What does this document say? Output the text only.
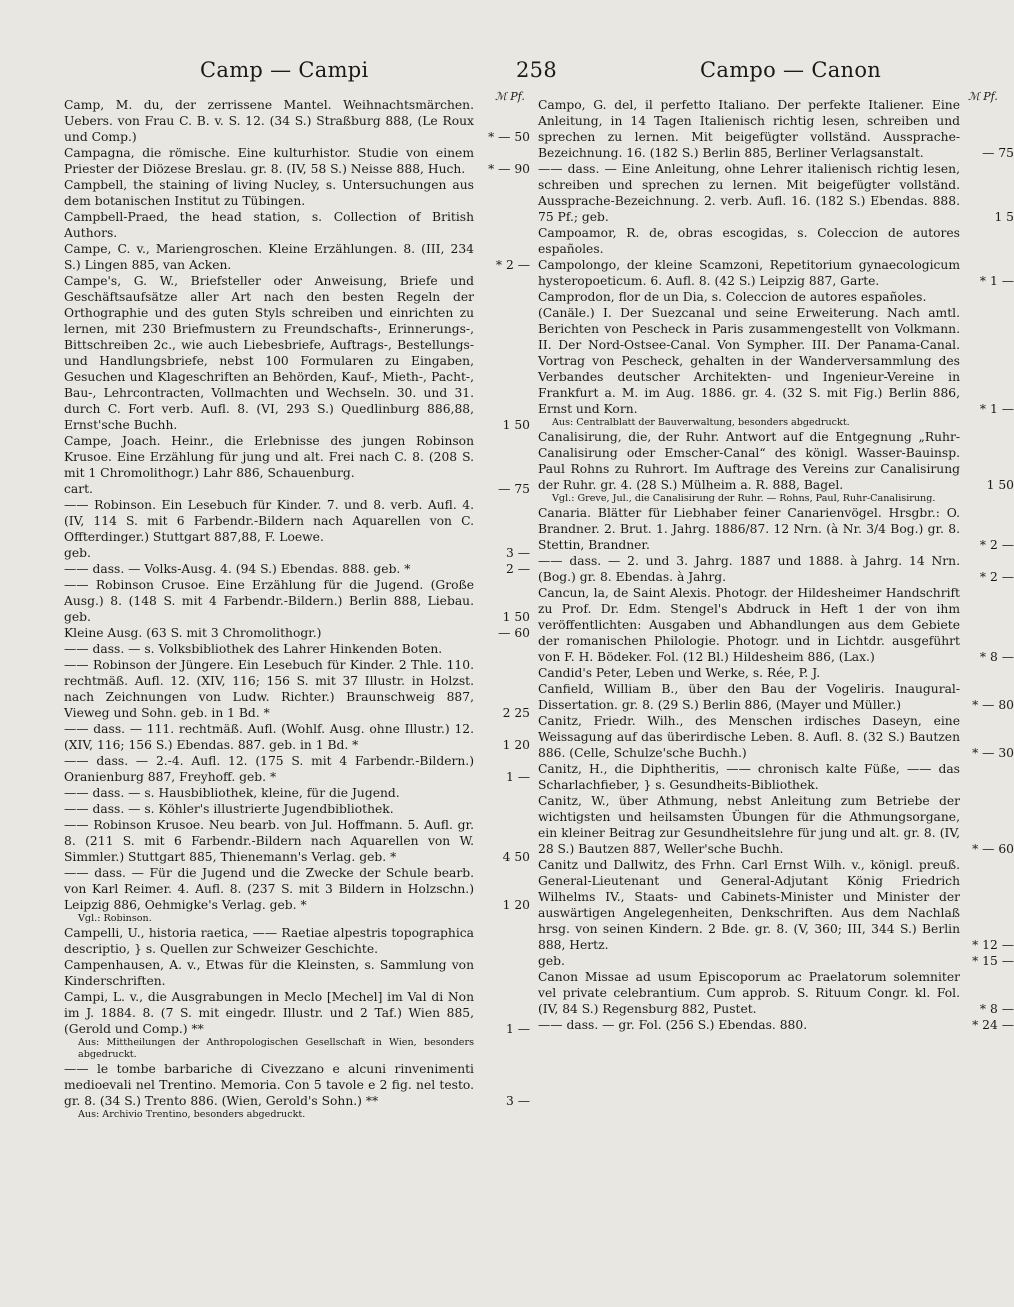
Camp — Campi	258	Campo — Canon
ℳ Pf.	ℳ Pf.
Camp, M. du, der zerrissene Mantel. Weihnachtsmärchen. Uebers. von Frau C. B. v. S. 12. (34 S.) Straßburg 888, (Le Roux und Comp.)	* — 50
Campagna, die römische. Eine kulturhistor. Studie von einem Priester der Diözese Breslau. gr. 8. (IV, 58 S.) Neisse 888, Huch.	* — 90
Campbell, the staining of living Nucley, s. Untersuchungen aus dem botanischen Institut zu Tübingen.
Campbell-Praed, the head station, s. Collection of British Authors.
Campe, C. v., Mariengroschen. Kleine Erzählungen. 8. (III, 234 S.) Lingen 885, van Acken.	* 2 —
Campe's, G. W., Briefsteller oder Anweisung, Briefe und Geschäftsaufsätze aller Art nach den besten Regeln der Orthographie und des guten Styls schreiben und einrichten zu lernen, mit 230 Briefmustern zu Freundschafts-, Erinnerungs-, Bittschreiben 2c., wie auch Liebesbriefe, Auftrags-, Bestellungs- und Handlungsbriefe, nebst 100 Formularen zu Eingaben, Gesuchen und Klageschriften an Behörden, Kauf-, Mieth-, Pacht-, Bau-, Lehrcontracten, Vollmachten und Wechseln. 30. und 31. durch C. Fort verb. Aufl. 8. (VI, 293 S.) Quedlinburg 886,88, Ernst'sche Buchh.	1 50
Campe, Joach. Heinr., die Erlebnisse des jungen Robinson Krusoe. Eine Erzählung für jung und alt. Frei nach C. 8. (208 S. mit 1 Chromolithogr.) Lahr 886, Schauenburg.
cart.	— 75
—— Robinson. Ein Lesebuch für Kinder. 7. und 8. verb. Aufl. 4. (IV, 114 S. mit 6 Farbendr.-Bildern nach Aquarellen von C. Offterdinger.) Stuttgart 887,88, F. Loewe.
geb.	3 —
—— dass. — Volks-Ausg. 4. (94 S.) Ebendas. 888. geb. *	2 —
—— Robinson Crusoe. Eine Erzählung für die Jugend. (Große Ausg.) 8. (148 S. mit 4 Farbendr.-Bildern.) Berlin 888, Liebau. geb.	1 50
Kleine Ausg. (63 S. mit 3 Chromolithogr.)	— 60
—— dass. — s. Volksbibliothek des Lahrer Hinkenden Boten.
—— Robinson der Jüngere. Ein Lesebuch für Kinder. 2 Thle. 110. rechtmäß. Aufl. 12. (XIV, 116; 156 S. mit 37 Illustr. in Holzst. nach Zeichnungen von Ludw. Richter.) Braunschweig 887, Vieweg und Sohn. geb. in 1 Bd. *	2 25
—— dass. — 111. rechtmäß. Aufl. (Wohlf. Ausg. ohne Illustr.) 12. (XIV, 116; 156 S.) Ebendas. 887. geb. in 1 Bd. *	1 20
—— dass. — 2.-4. Aufl. 12. (175 S. mit 4 Farbendr.-Bildern.) Oranienburg 887, Freyhoff. geb. *	1 —
—— dass. — s. Hausbibliothek, kleine, für die Jugend.
—— dass. — s. Köhler's illustrierte Jugendbibliothek.
—— Robinson Krusoe. Neu bearb. von Jul. Hoffmann. 5. Aufl. gr. 8. (211 S. mit 6 Farbendr.-Bildern nach Aquarellen von W. Simmler.) Stuttgart 885, Thienemann's Verlag. geb. *	4 50
—— dass. — Für die Jugend und die Zwecke der Schule bearb. von Karl Reimer. 4. Aufl. 8. (237 S. mit 3 Bildern in Holzschn.) Leipzig 886, Oehmigke's Verlag. geb. *	1 20
Vgl.: Robinson.
Campelli, U., historia raetica, —— Raetiae alpestris topographica descriptio, } s. Quellen zur Schweizer Geschichte.
Campenhausen, A. v., Etwas für die Kleinsten, s. Sammlung von Kinderschriften.
Campi, L. v., die Ausgrabungen in Meclo [Mechel] im Val di Non im J. 1884. 8. (7 S. mit eingedr. Illustr. und 2 Taf.) Wien 885, (Gerold und Comp.) **	1 —
Aus: Mittheilungen der Anthropologischen Gesellschaft in Wien, besonders abgedruckt.
—— le tombe barbariche di Civezzano e alcuni rinvenimenti medioevali nel Trentino. Memoria. Con 5 tavole e 2 fig. nel testo. gr. 8. (34 S.) Trento 886. (Wien, Gerold's Sohn.) **	3 —
Aus: Archivio Trentino, besonders abgedruckt.
Campo, G. del, il perfetto Italiano. Der perfekte Italiener. Eine Anleitung, in 14 Tagen Italienisch richtig lesen, schreiben und sprechen zu lernen. Mit beigefügter vollständ. Aussprache-Bezeichnung. 16. (182 S.) Berlin 885, Berliner Verlagsanstalt.	— 75
—— dass. — Eine Anleitung, ohne Lehrer italienisch richtig lesen, schreiben und sprechen zu lernen. Mit beigefügter vollständ. Aussprache-Bezeichnung. 2. verb. Aufl. 16. (182 S.) Ebendas. 888. 75 Pf.; geb.	1 5
Campoamor, R. de, obras escogidas, s. Coleccion de autores españoles.
Campolongo, der kleine Scamzoni, Repetitorium gynaecologicum hysteropoeticum. 6. Aufl. 8. (42 S.) Leipzig 887, Garte.	* 1 —
Camprodon, flor de un Dia, s. Coleccion de autores españoles.
(Canäle.) I. Der Suezcanal und seine Erweiterung. Nach amtl. Berichten von Pescheck in Paris zusammengestellt von Volkmann. II. Der Nord-Ostsee-Canal. Von Sympher. III. Der Panama-Canal. Vortrag von Pescheck, gehalten in der Wanderversammlung des Verbandes deutscher Architekten- und Ingenieur-Vereine in Frankfurt a. M. im Aug. 1886. gr. 4. (32 S. mit Fig.) Berlin 886, Ernst und Korn.	* 1 —
Aus: Centralblatt der Bauverwaltung, besonders abgedruckt.
Canalisirung, die, der Ruhr. Antwort auf die Entgegnung „Ruhr-Canalisirung oder Emscher-Canal“ des königl. Wasser-Bauinsp. Paul Rohns zu Ruhrort. Im Auftrage des Vereins zur Canalisirung der Ruhr. gr. 4. (28 S.) Mülheim a. R. 888, Bagel.	1 50
Vgl.: Greve, Jul., die Canalisirung der Ruhr. — Rohns, Paul, Ruhr-Canalisirung.
Canaria. Blätter für Liebhaber feiner Canarienvögel. Hrsgbr.: O. Brandner. 2. Brut. 1. Jahrg. 1886/87. 12 Nrn. (à Nr. 3/4 Bog.) gr. 8. Stettin, Brandner.	* 2 —
—— dass. — 2. und 3. Jahrg. 1887 und 1888. à Jahrg. 14 Nrn. (Bog.) gr. 8. Ebendas. à Jahrg.	* 2 —
Cancun, la, de Saint Alexis. Photogr. der Hildesheimer Handschrift zu Prof. Dr. Edm. Stengel's Abdruck in Heft 1 der von ihm veröffentlichten: Ausgaben und Abhandlungen aus dem Gebiete der romanischen Philologie. Photogr. und in Lichtdr. ausgeführt von F. H. Bödeker. Fol. (12 Bl.) Hildesheim 886, (Lax.)	* 8 —
Candid's Peter, Leben und Werke, s. Rée, P. J.
Canfield, William B., über den Bau der Vogeliris. Inaugural-Dissertation. gr. 8. (29 S.) Berlin 886, (Mayer und Müller.)	* — 80
Canitz, Friedr. Wilh., des Menschen irdisches Daseyn, eine Weissagung auf das überirdische Leben. 8. Aufl. 8. (32 S.) Bautzen 886. (Celle, Schulze'sche Buchh.)	* — 30
Canitz, H., die Diphtheritis, —— chronisch kalte Füße, —— das Scharlachfieber, } s. Gesundheits-Bibliothek.
Canitz, W., über Athmung, nebst Anleitung zum Betriebe der wichtigsten und heilsamsten Übungen für die Athmungsorgane, ein kleiner Beitrag zur Gesundheitslehre für jung und alt. gr. 8. (IV, 28 S.) Bautzen 887, Weller'sche Buchh.	* — 60
Canitz und Dallwitz, des Frhn. Carl Ernst Wilh. v., königl. preuß. General-Lieutenant und General-Adjutant König Friedrich Wilhelms IV., Staats- und Cabinets-Minister und Minister der auswärtigen Angelegenheiten, Denkschriften. Aus dem Nachlaß hrsg. von seinen Kindern. 2 Bde. gr. 8. (V, 360; III, 344 S.) Berlin 888, Hertz.	* 12 —
geb.	* 15 —
Canon Missae ad usum Episcoporum ac Praelatorum solemniter vel private celebrantium. Cum approb. S. Rituum Congr. kl. Fol. (IV, 84 S.) Regensburg 882, Pustet.	* 8 —
—— dass. — gr. Fol. (256 S.) Ebendas. 880.	* 24 —
